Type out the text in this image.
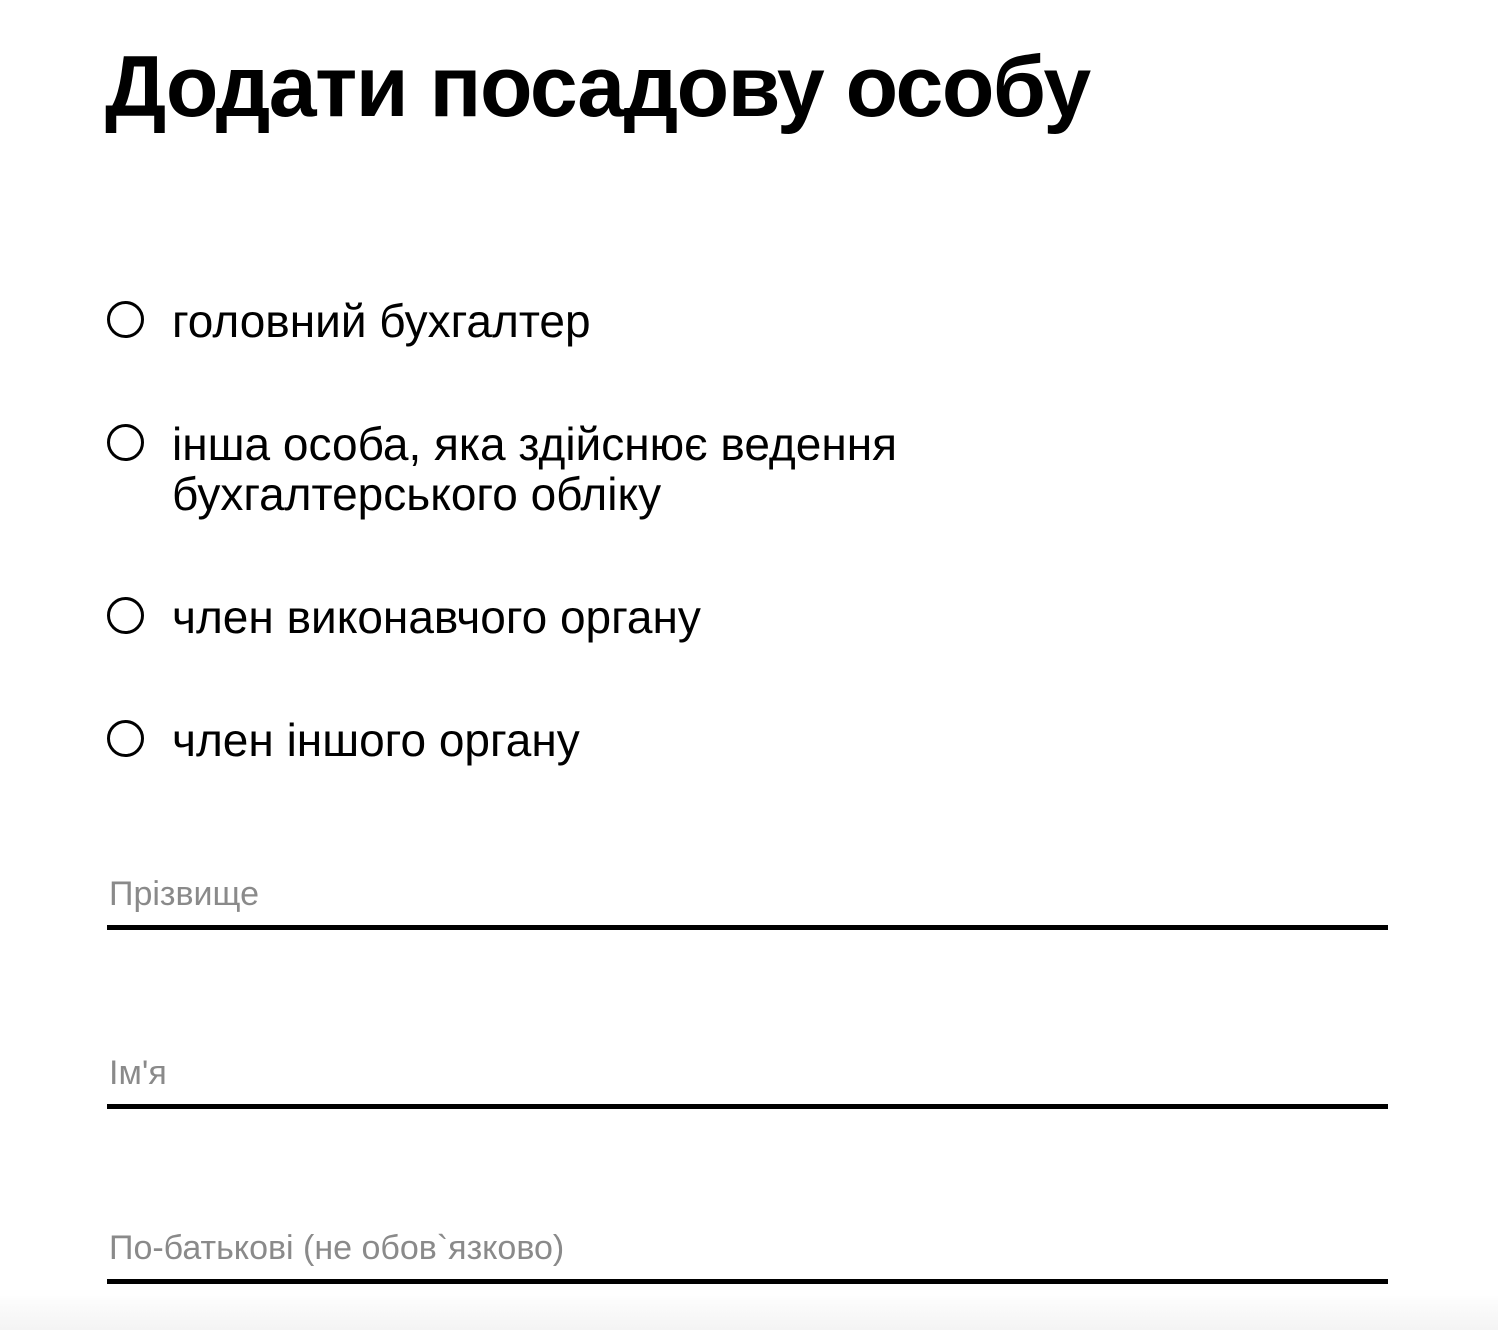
Додати посадову особу
головний бухгалтер
інша особа, яка здійснює ведення бухгалтерського обліку
член виконавчого органу
член іншого органу
Прізвище
Ім'я
По-батькові (не обов`язково)
